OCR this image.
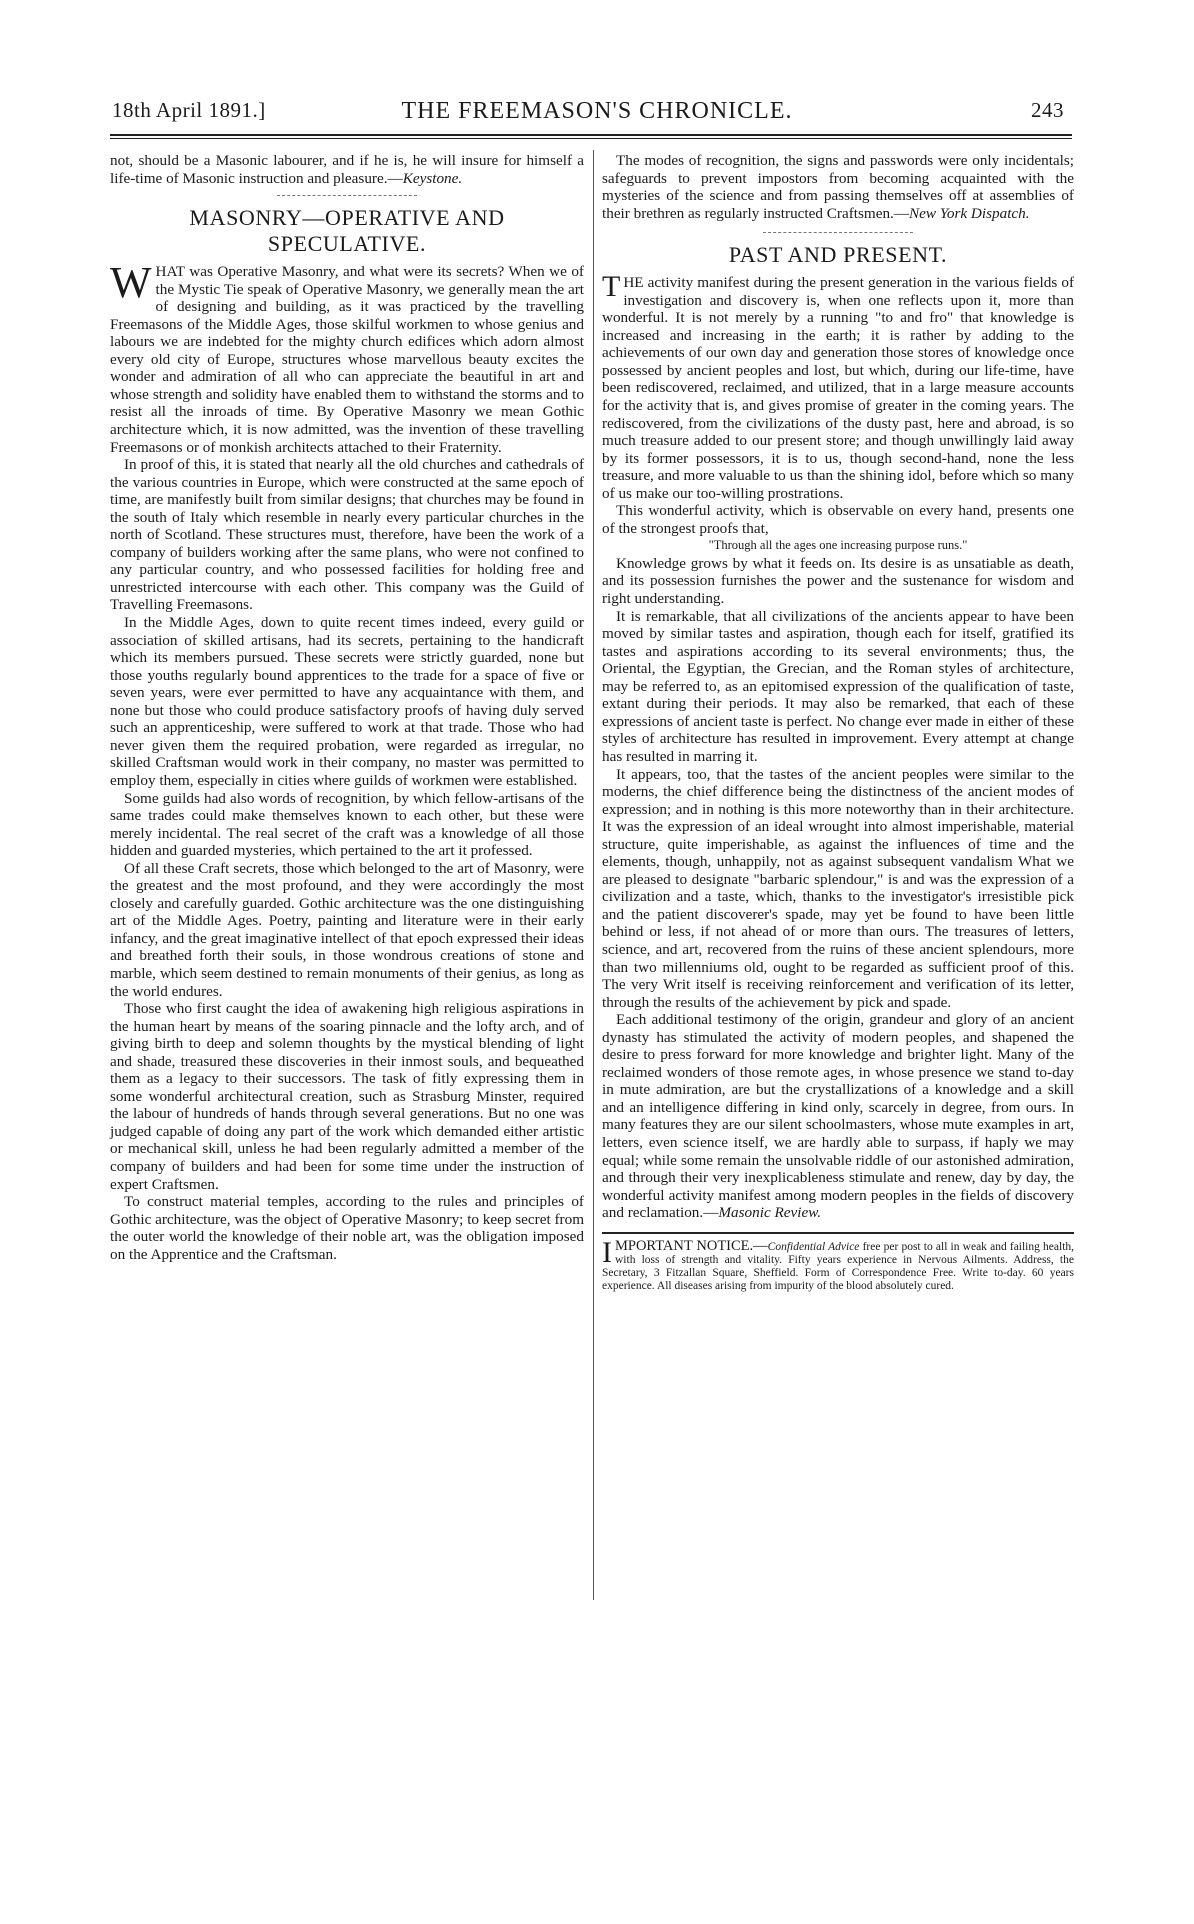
18th April 1891.]	THE FREEMASON'S CHRONICLE.	243

not, should be a Masonic labourer, and if he is, he will insure for himself a life-time of Masonic instruction and pleasure.—Keystone.

MASONRY—OPERATIVE AND SPECULATIVE.

WHAT was Operative Masonry, and what were its secrets? When we of the Mystic Tie speak of Operative Masonry, we generally mean the art of designing and building, as it was practiced by the travelling Freemasons of the Middle Ages, those skilful workmen to whose genius and labours we are indebted for the mighty church edifices which adorn almost every old city of Europe, structures whose marvellous beauty excites the wonder and admiration of all who can appreciate the beautiful in art and whose strength and solidity have enabled them to withstand the storms and to resist all the inroads of time. By Operative Masonry we mean Gothic architecture which, it is now admitted, was the invention of these travelling Freemasons or of monkish architects attached to their Fraternity.

In proof of this, it is stated that nearly all the old churches and cathedrals of the various countries in Europe, which were constructed at the same epoch of time, are manifestly built from similar designs; that churches may be found in the south of Italy which resemble in nearly every particular churches in the north of Scotland. These structures must, therefore, have been the work of a company of builders working after the same plans, who were not confined to any particular country, and who possessed facilities for holding free and unrestricted intercourse with each other. This company was the Guild of Travelling Freemasons.

In the Middle Ages, down to quite recent times indeed, every guild or association of skilled artisans, had its secrets, pertaining to the handicraft which its members pursued. These secrets were strictly guarded, none but those youths regularly bound apprentices to the trade for a space of five or seven years, were ever permitted to have any acquaintance with them, and none but those who could produce satisfactory proofs of having duly served such an apprenticeship, were suffered to work at that trade. Those who had never given them the required probation, were regarded as irregular, no skilled Craftsman would work in their company, no master was permitted to employ them, especially in cities where guilds of workmen were established.

Some guilds had also words of recognition, by which fellow-artisans of the same trades could make themselves known to each other, but these were merely incidental. The real secret of the craft was a knowledge of all those hidden and guarded mysteries, which pertained to the art it professed.

Of all these Craft secrets, those which belonged to the art of Masonry, were the greatest and the most profound, and they were accordingly the most closely and carefully guarded. Gothic architecture was the one distinguishing art of the Middle Ages. Poetry, painting and literature were in their early infancy, and the great imaginative intellect of that epoch expressed their ideas and breathed forth their souls, in those wondrous creations of stone and marble, which seem destined to remain monuments of their genius, as long as the world endures.

Those who first caught the idea of awakening high religious aspirations in the human heart by means of the soaring pinnacle and the lofty arch, and of giving birth to deep and solemn thoughts by the mystical blending of light and shade, treasured these discoveries in their inmost souls, and bequeathed them as a legacy to their successors. The task of fitly expressing them in some wonderful architectural creation, such as Strasburg Minster, required the labour of hundreds of hands through several generations. But no one was judged capable of doing any part of the work which demanded either artistic or mechanical skill, unless he had been regularly admitted a member of the company of builders and had been for some time under the instruction of expert Craftsmen.

To construct material temples, according to the rules and principles of Gothic architecture, was the object of Operative Masonry; to keep secret from the outer world the knowledge of their noble art, was the obligation imposed on the Apprentice and the Craftsman.

The modes of recognition, the signs and passwords were only incidentals; safeguards to prevent impostors from becoming acquainted with the mysteries of the science and from passing themselves off at assemblies of their brethren as regularly instructed Craftsmen.—New York Dispatch.

PAST AND PRESENT.

THE activity manifest during the present generation in the various fields of investigation and discovery is, when one reflects upon it, more than wonderful. It is not merely by a running "to and fro" that knowledge is increased and increasing in the earth; it is rather by adding to the achievements of our own day and generation those stores of knowledge once possessed by ancient peoples and lost, but which, during our life-time, have been rediscovered, reclaimed, and utilized, that in a large measure accounts for the activity that is, and gives promise of greater in the coming years. The rediscovered, from the civilizations of the dusty past, here and abroad, is so much treasure added to our present store; and though unwillingly laid away by its former possessors, it is to us, though second-hand, none the less treasure, and more valuable to us than the shining idol, before which so many of us make our too-willing prostrations.

This wonderful activity, which is observable on every hand, presents one of the strongest proofs that,

"Through all the ages one increasing purpose runs."

Knowledge grows by what it feeds on. Its desire is as unsatiable as death, and its possession furnishes the power and the sustenance for wisdom and right understanding.

It is remarkable, that all civilizations of the ancients appear to have been moved by similar tastes and aspiration, though each for itself, gratified its tastes and aspirations according to its several environments; thus, the Oriental, the Egyptian, the Grecian, and the Roman styles of architecture, may be referred to, as an epitomised expression of the qualification of taste, extant during their periods. It may also be remarked, that each of these expressions of ancient taste is perfect. No change ever made in either of these styles of architecture has resulted in improvement. Every attempt at change has resulted in marring it.

It appears, too, that the tastes of the ancient peoples were similar to the moderns, the chief difference being the distinctness of the ancient modes of expression; and in nothing is this more noteworthy than in their architecture. It was the expression of an ideal wrought into almost imperishable, material structure, quite imperishable, as against the influences of time and the elements, though, unhappily, not as against subsequent vandalism What we are pleased to designate "barbaric splendour," is and was the expression of a civilization and a taste, which, thanks to the investigator's irresistible pick and the patient discoverer's spade, may yet be found to have been little behind or less, if not ahead of or more than ours. The treasures of letters, science, and art, recovered from the ruins of these ancient splendours, more than two millenniums old, ought to be regarded as sufficient proof of this. The very Writ itself is receiving reinforcement and verification of its letter, through the results of the achievement by pick and spade.

Each additional testimony of the origin, grandeur and glory of an ancient dynasty has stimulated the activity of modern peoples, and shapened the desire to press forward for more knowledge and brighter light. Many of the reclaimed wonders of those remote ages, in whose presence we stand to-day in mute admiration, are but the crystallizations of a knowledge and a skill and an intelligence differing in kind only, scarcely in degree, from ours. In many features they are our silent schoolmasters, whose mute examples in art, letters, even science itself, we are hardly able to surpass, if haply we may equal; while some remain the unsolvable riddle of our astonished admiration, and through their very inexplicableness stimulate and renew, day by day, the wonderful activity manifest among modern peoples in the fields of discovery and reclamation.—Masonic Review.

IMPORTANT NOTICE.—Confidential Advice free per post to all in weak and failing health, with loss of strength and vitality. Fifty years experience in Nervous Ailments. Address, the Secretary, 3 Fitzallan Square, Sheffield. Form of Correspondence Free. Write to-day. 60 years experience. All diseases arising from impurity of the blood absolutely cured.
